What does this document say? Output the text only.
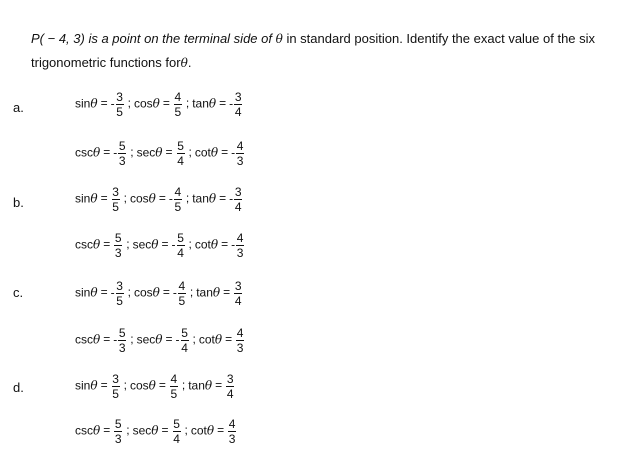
P( − 4, 3) is a point on the terminal side of θ in standard position. Identify the exact value of the six trigonometric functions forθ.
a.	sinθ = - $\frac{3}{5}$ ; $\cos\theta = \frac{4}{5}$ ; tanθ = - $\frac{3}{4}$
cscθ = - $\frac{5}{3}$ ; $\sec\theta = \frac{5}{4}$ ; cotθ = - $\frac{4}{3}$
b.	$\sin\theta = \frac{3}{5}$ ; cosθ = - $\frac{4}{5}$ ; tanθ = - $\frac{3}{4}$
$\csc\theta = \frac{5}{3}$ ; secθ = - $\frac{5}{4}$ ; cotθ = - $\frac{4}{3}$
c.	sinθ = - $\frac{3}{5}$ ; cosθ = - $\frac{4}{5}$ ; $\tan\theta = \frac{3}{4}$
cscθ = - $\frac{5}{3}$ ; secθ = - $\frac{5}{4}$ ; $\cot\theta = \frac{4}{3}$
d.	$\sin\theta = \frac{3}{5}$ ; $\cos\theta = \frac{4}{5}$ ; $\tan\theta = \frac{3}{4}$
$\csc\theta = \frac{5}{3}$ ; $\sec\theta = \frac{5}{4}$ ; $\cot\theta = \frac{4}{3}$
